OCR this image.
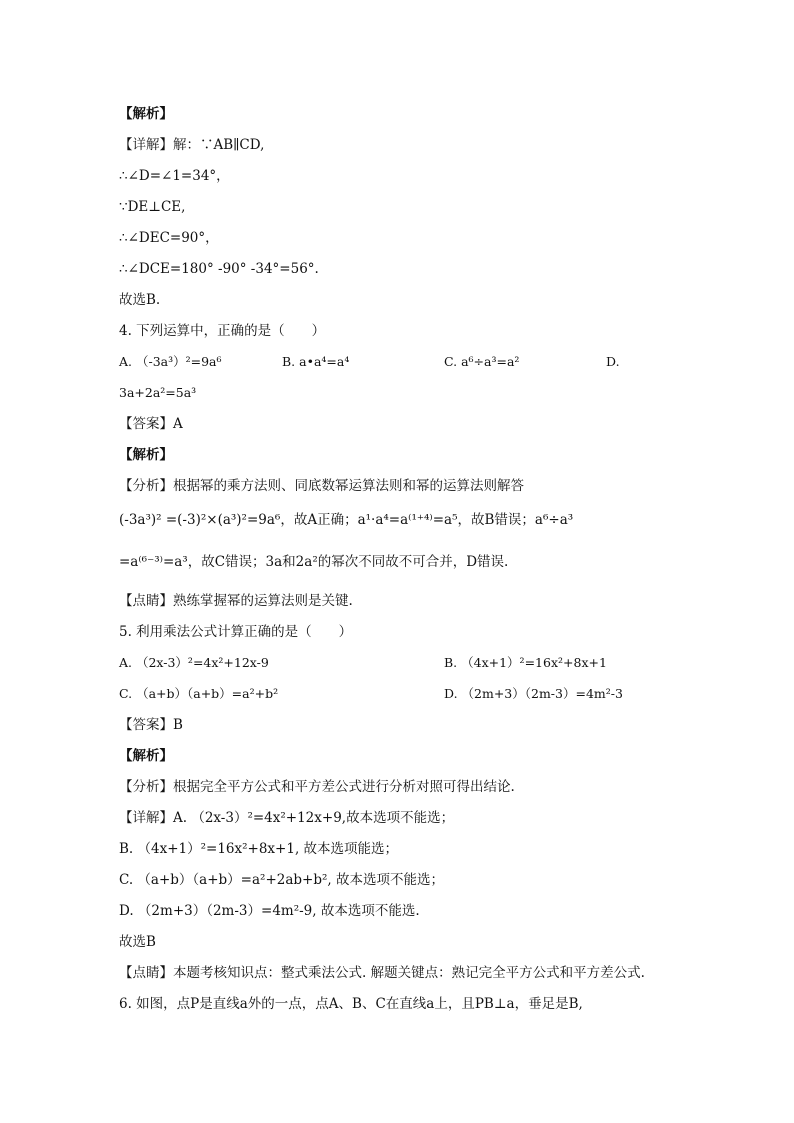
【解析】
【详解】解：∵AB∥CD,
∴∠D=∠1=34°，
∵DE⊥CE,
∴∠DEC=90°，
∴∠DCE=180° -90° -34°=56°.
故选B.
4. 下列运算中，正确的是（　　）
A. （-3a³）²=9a⁶	B. a•a⁴=a⁴	C. a⁶÷a³=a²	D.
3a+2a²=5a³
【答案】A
【解析】
【分析】根据幂的乘方法则、同底数幂运算法则和幂的运算法则解答
(-3a³)² =(-3)²×(a³)²=9a⁶，故A正确；a¹·a⁴=a⁽¹⁺⁴⁾=a⁵，故B错误；a⁶÷a³
=a⁽⁶⁻³⁾=a³，故C错误；3a和2a²的幂次不同故不可合并，D错误.
【点睛】熟练掌握幂的运算法则是关键.
5. 利用乘法公式计算正确的是（　　）
A. （2x-3）²=4x²+12x-9	B. （4x+1）²=16x²+8x+1
C. （a+b）（a+b）=a²+b²	D. （2m+3）（2m-3）=4m²-3
【答案】B
【解析】
【分析】根据完全平方公式和平方差公式进行分析对照可得出结论.
【详解】A. （2x-3）²=4x²+12x+9,故本选项不能选；
B. （4x+1）²=16x²+8x+1, 故本选项能选；
C. （a+b）（a+b）=a²+2ab+b², 故本选项不能选；
D. （2m+3）（2m-3）=4m²-9, 故本选项不能选.
故选B
【点睛】本题考核知识点：整式乘法公式. 解题关键点：熟记完全平方公式和平方差公式.
6. 如图，点P是直线a外的一点，点A、B、C在直线a上，且PB⊥a，垂足是B,
